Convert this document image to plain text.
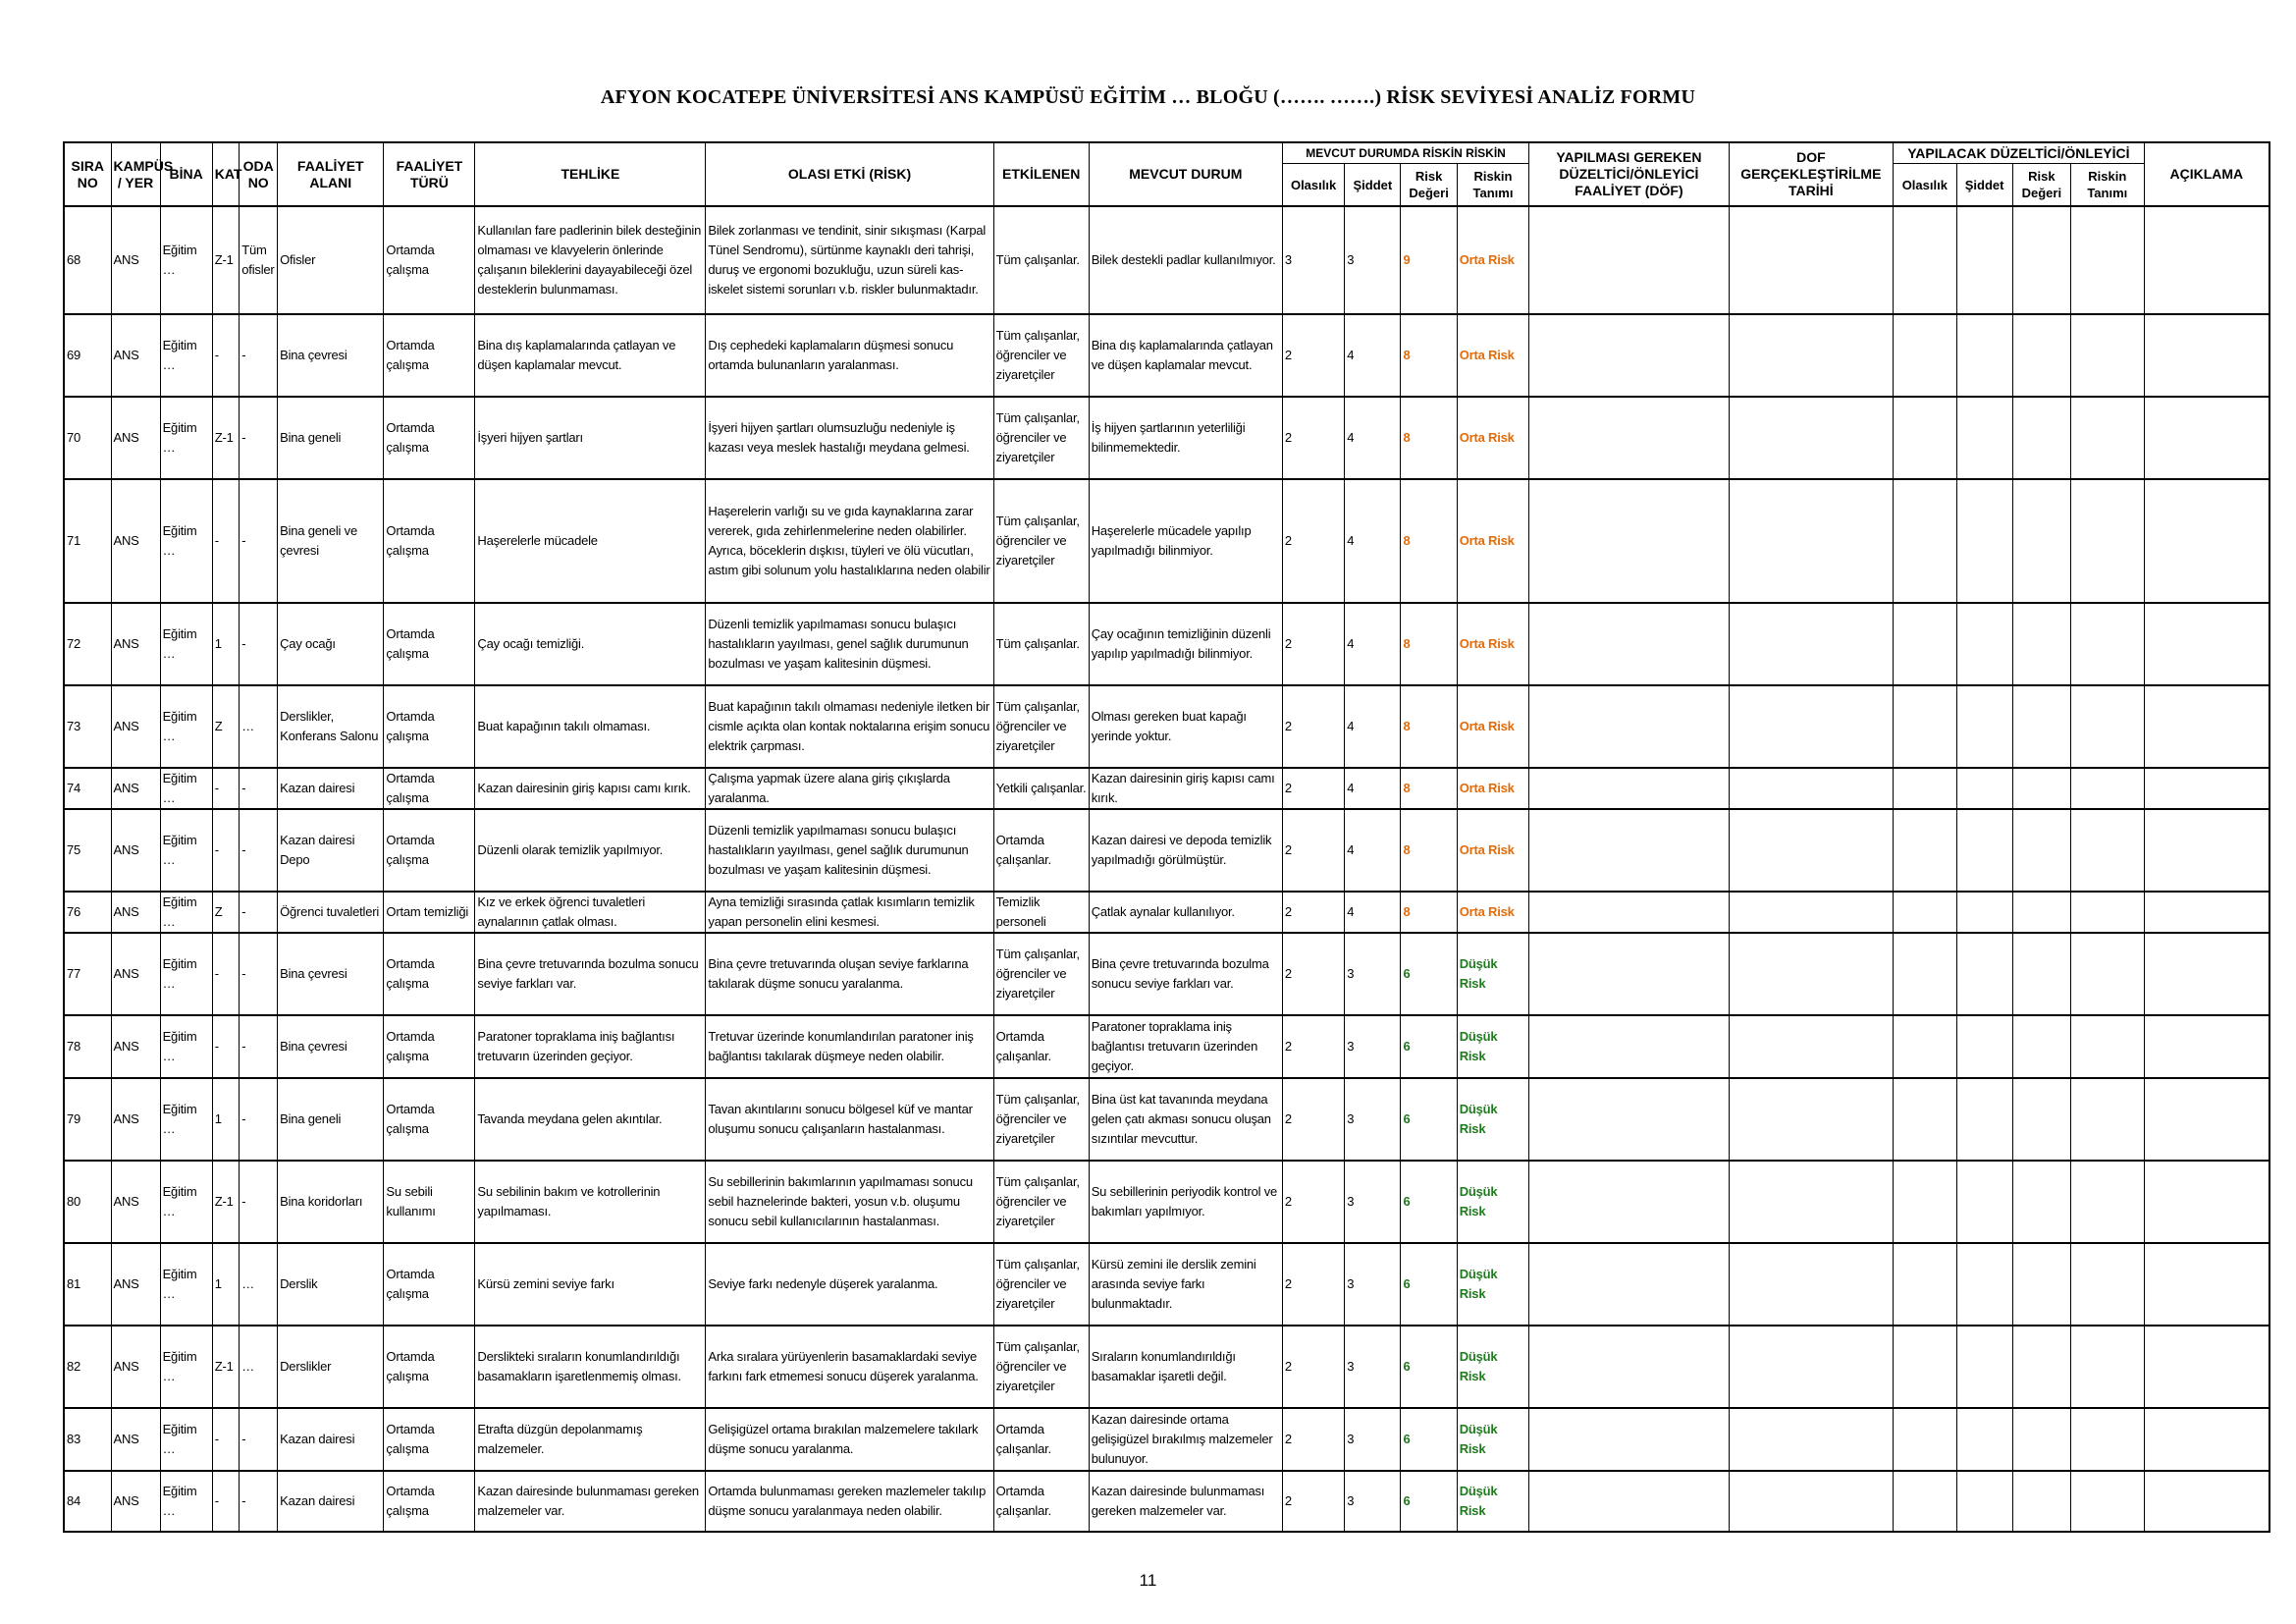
AFYON KOCATEPE ÜNİVERSİTESİ ANS KAMPÜSÜ EĞİTİM … BLOĞU (……. …….) RİSK SEVİYESİ ANALİZ FORMU
SIRA NO	KAMPÜS / YER	BİNA	KAT	ODA NO	FAALİYET ALANI	FAALİYET TÜRÜ	TEHLİKE	OLASI ETKİ (RİSK)	ETKİLENEN	MEVCUT DURUM	MEVCUT DURUMDA RİSKİN RİSKİN				YAPILMASI GEREKEN DÜZELTİCİ/ÖNLEYİCİ FAALİYET (DÖF)	DOF GERÇEKLEŞTİRİLME TARİHİ	YAPILACAK DÜZELTİCİ/ÖNLEYİCİ				AÇIKLAMA
											Olasılık	Şiddet	Risk Değeri	Riskin Tanımı			Olasılık	Şiddet	Risk Değeri	Riskin Tanımı	
68	ANS	Eğitim …	Z-1	Tüm ofisler	Ofisler	Ortamda çalışma	Kullanılan fare padlerinin bilek desteğinin olmaması ve klavyelerin önlerinde çalışanın bileklerini dayayabileceği özel desteklerin bulunmaması.	Bilek zorlanması ve tendinit, sinir sıkışması (Karpal Tünel Sendromu), sürtünme kaynaklı deri tahrişi, duruş ve ergonomi bozukluğu, uzun süreli kas-iskelet sistemi sorunları v.b. riskler bulunmaktadır.	Tüm çalışanlar.	Bilek destekli padlar kullanılmıyor.	3	3	9	Orta Risk							
69	ANS	Eğitim …	-	-	Bina çevresi	Ortamda çalışma	Bina dış kaplamalarında çatlayan ve düşen kaplamalar mevcut.	Dış cephedeki kaplamaların düşmesi sonucu ortamda bulunanların yaralanması.	Tüm çalışanlar, öğrenciler ve ziyaretçiler	Bina dış kaplamalarında çatlayan ve düşen kaplamalar mevcut.	2	4	8	Orta Risk							
70	ANS	Eğitim …	Z-1	-	Bina geneli	Ortamda çalışma	İşyeri hijyen şartları	İşyeri hijyen şartları olumsuzluğu nedeniyle iş kazası veya meslek hastalığı meydana gelmesi.	Tüm çalışanlar, öğrenciler ve ziyaretçiler	İş hijyen şartlarının yeterliliği bilinmemektedir.	2	4	8	Orta Risk							
71	ANS	Eğitim …	-	-	Bina geneli ve çevresi	Ortamda çalışma	Haşerelerle mücadele	Haşerelerin varlığı su ve gıda kaynaklarına zarar vererek, gıda zehirlenmelerine neden olabilirler. Ayrıca, böceklerin dışkısı, tüyleri ve ölü vücutları, astım gibi solunum yolu hastalıklarına neden olabilir	Tüm çalışanlar, öğrenciler ve ziyaretçiler	Haşerelerle mücadele yapılıp yapılmadığı bilinmiyor.	2	4	8	Orta Risk							
72	ANS	Eğitim …	1	-	Çay ocağı	Ortamda çalışma	Çay ocağı temizliği.	Düzenli temizlik yapılmaması sonucu bulaşıcı hastalıkların yayılması, genel sağlık durumunun bozulması ve yaşam kalitesinin düşmesi.	Tüm çalışanlar.	Çay ocağının temizliğinin düzenli yapılıp yapılmadığı bilinmiyor.	2	4	8	Orta Risk							
73	ANS	Eğitim …	Z	…	Derslikler, Konferans Salonu	Ortamda çalışma	Buat kapağının takılı olmaması.	Buat kapağının takılı olmaması nedeniyle iletken bir cismle açıkta olan kontak noktalarına erişim sonucu elektrik çarpması.	Tüm çalışanlar, öğrenciler ve ziyaretçiler	Olması gereken buat kapağı yerinde yoktur.	2	4	8	Orta Risk							
74	ANS	Eğitim …	-	-	Kazan dairesi	Ortamda çalışma	Kazan dairesinin giriş kapısı camı kırık.	Çalışma yapmak üzere alana giriş çıkışlarda yaralanma.	Yetkili çalışanlar.	Kazan dairesinin giriş kapısı camı kırık.	2	4	8	Orta Risk							
75	ANS	Eğitim …	-	-	Kazan dairesi Depo	Ortamda çalışma	Düzenli olarak temizlik yapılmıyor.	Düzenli temizlik yapılmaması sonucu bulaşıcı hastalıkların yayılması, genel sağlık durumunun bozulması ve yaşam kalitesinin düşmesi.	Ortamda çalışanlar.	Kazan dairesi ve depoda temizlik yapılmadığı görülmüştür.	2	4	8	Orta Risk							
76	ANS	Eğitim …	Z	-	Öğrenci tuvaletleri	Ortam temizliği	Kız ve erkek öğrenci tuvaletleri aynalarının çatlak olması.	Ayna temizliği sırasında çatlak kısımların temizlik yapan personelin elini kesmesi.	Temizlik personeli	Çatlak aynalar kullanılıyor.	2	4	8	Orta Risk							
77	ANS	Eğitim …	-	-	Bina çevresi	Ortamda çalışma	Bina çevre tretuvarında bozulma sonucu seviye farkları var.	Bina çevre tretuvarında oluşan seviye farklarına takılarak düşme sonucu yaralanma.	Tüm çalışanlar, öğrenciler ve ziyaretçiler	Bina çevre tretuvarında bozulma sonucu seviye farkları var.	2	3	6	Düşük Risk							
78	ANS	Eğitim …	-	-	Bina çevresi	Ortamda çalışma	Paratoner topraklama iniş bağlantısı tretuvarın üzerinden geçiyor.	Tretuvar üzerinde konumlandırılan paratoner iniş bağlantısı takılarak düşmeye neden olabilir.	Ortamda çalışanlar.	Paratoner topraklama iniş bağlantısı tretuvarın üzerinden geçiyor.	2	3	6	Düşük Risk							
79	ANS	Eğitim …	1	-	Bina geneli	Ortamda çalışma	Tavanda meydana gelen akıntılar.	Tavan akıntılarını sonucu bölgesel küf ve mantar oluşumu sonucu çalışanların hastalanması.	Tüm çalışanlar, öğrenciler ve ziyaretçiler	Bina üst kat tavanında meydana gelen çatı akması sonucu oluşan sızıntılar mevcuttur.	2	3	6	Düşük Risk							
80	ANS	Eğitim …	Z-1	-	Bina koridorları	Su sebili kullanımı	Su sebilinin bakım ve kotrollerinin yapılmaması.	Su sebillerinin bakımlarının yapılmaması sonucu sebil haznelerinde bakteri, yosun v.b. oluşumu sonucu sebil kullanıcılarının hastalanması.	Tüm çalışanlar, öğrenciler ve ziyaretçiler	Su sebillerinin periyodik kontrol ve bakımları yapılmıyor.	2	3	6	Düşük Risk							
81	ANS	Eğitim …	1	…	Derslik	Ortamda çalışma	Kürsü zemini seviye farkı	Seviye farkı nedenyle düşerek yaralanma.	Tüm çalışanlar, öğrenciler ve ziyaretçiler	Kürsü zemini ile derslik zemini arasında seviye farkı bulunmaktadır.	2	3	6	Düşük Risk							
82	ANS	Eğitim …	Z-1	…	Derslikler	Ortamda çalışma	Derslikteki sıraların konumlandırıldığı basamakların işaretlenmemiş olması.	Arka sıralara yürüyenlerin basamaklardaki seviye farkını fark etmemesi sonucu düşerek yaralanma.	Tüm çalışanlar, öğrenciler ve ziyaretçiler	Sıraların konumlandırıldığı basamaklar işaretli değil.	2	3	6	Düşük Risk							
83	ANS	Eğitim …	-	-	Kazan dairesi	Ortamda çalışma	Etrafta düzgün depolanmamış malzemeler.	Gelişigüzel ortama bırakılan malzemelere takılark düşme sonucu yaralanma.	Ortamda çalışanlar.	Kazan dairesinde ortama gelişigüzel bırakılmış malzemeler bulunuyor.	2	3	6	Düşük Risk							
84	ANS	Eğitim …	-	-	Kazan dairesi	Ortamda çalışma	Kazan dairesinde bulunmaması gereken malzemeler var.	Ortamda bulunmaması gereken mazlemeler takılıp düşme sonucu yaralanmaya neden olabilir.	Ortamda çalışanlar.	Kazan dairesinde bulunmaması gereken malzemeler var.	2	3	6	Düşük Risk							
11
